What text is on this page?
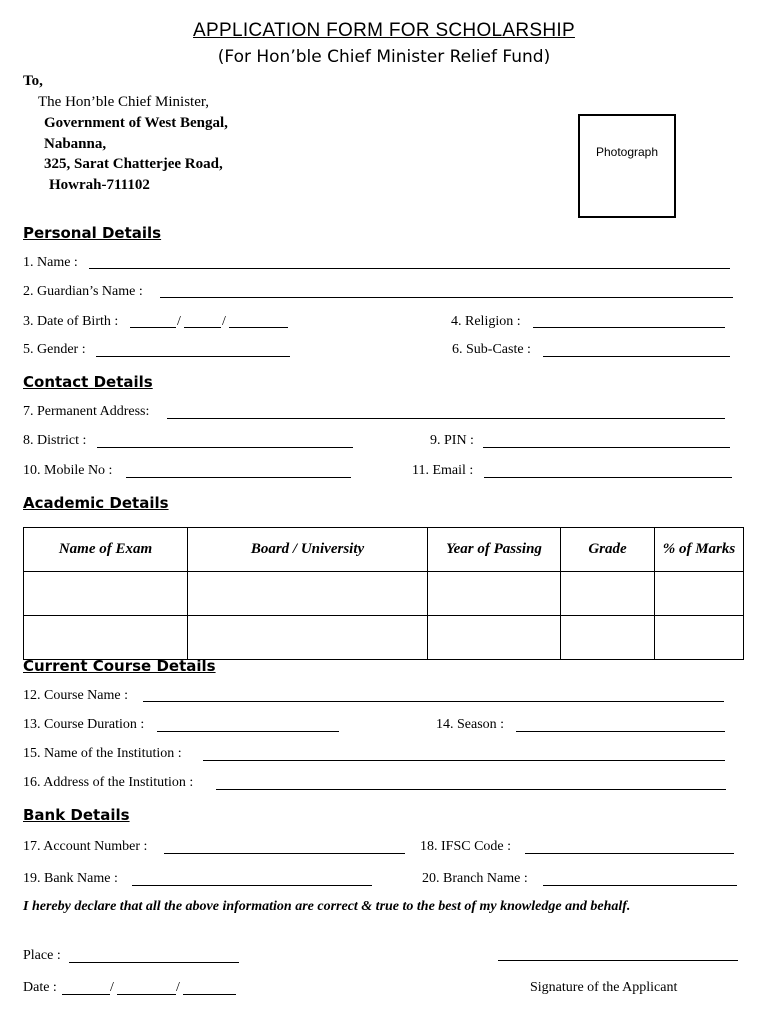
APPLICATION FORM FOR SCHOLARSHIP
(For Hon’ble Chief Minister Relief Fund)
To,
The Hon’ble Chief Minister,
Government of West Bengal,
Nabanna,
325, Sarat Chatterjee Road,
Howrah-711102
Photograph
Personal Details
1. Name :
2. Guardian’s Name :
3. Date of Birth :	/	/	4. Religion :
5. Gender :	6. Sub-Caste :
Contact Details
7. Permanent Address:
8. District :	9. PIN :
10. Mobile No :	11. Email :
Academic Details
Name of Exam	Board / University	Year of Passing	Grade	% of Marks

Current Course Details
12. Course Name :
13. Course Duration :	14. Season :
15. Name of the Institution :
16. Address of the Institution :
Bank Details
17. Account Number :	18. IFSC Code :
19. Bank Name :	20. Branch Name :
I hereby declare that all the above information are correct & true to the best of my knowledge and behalf.
Place :
Date :	/	/	Signature of the Applicant
